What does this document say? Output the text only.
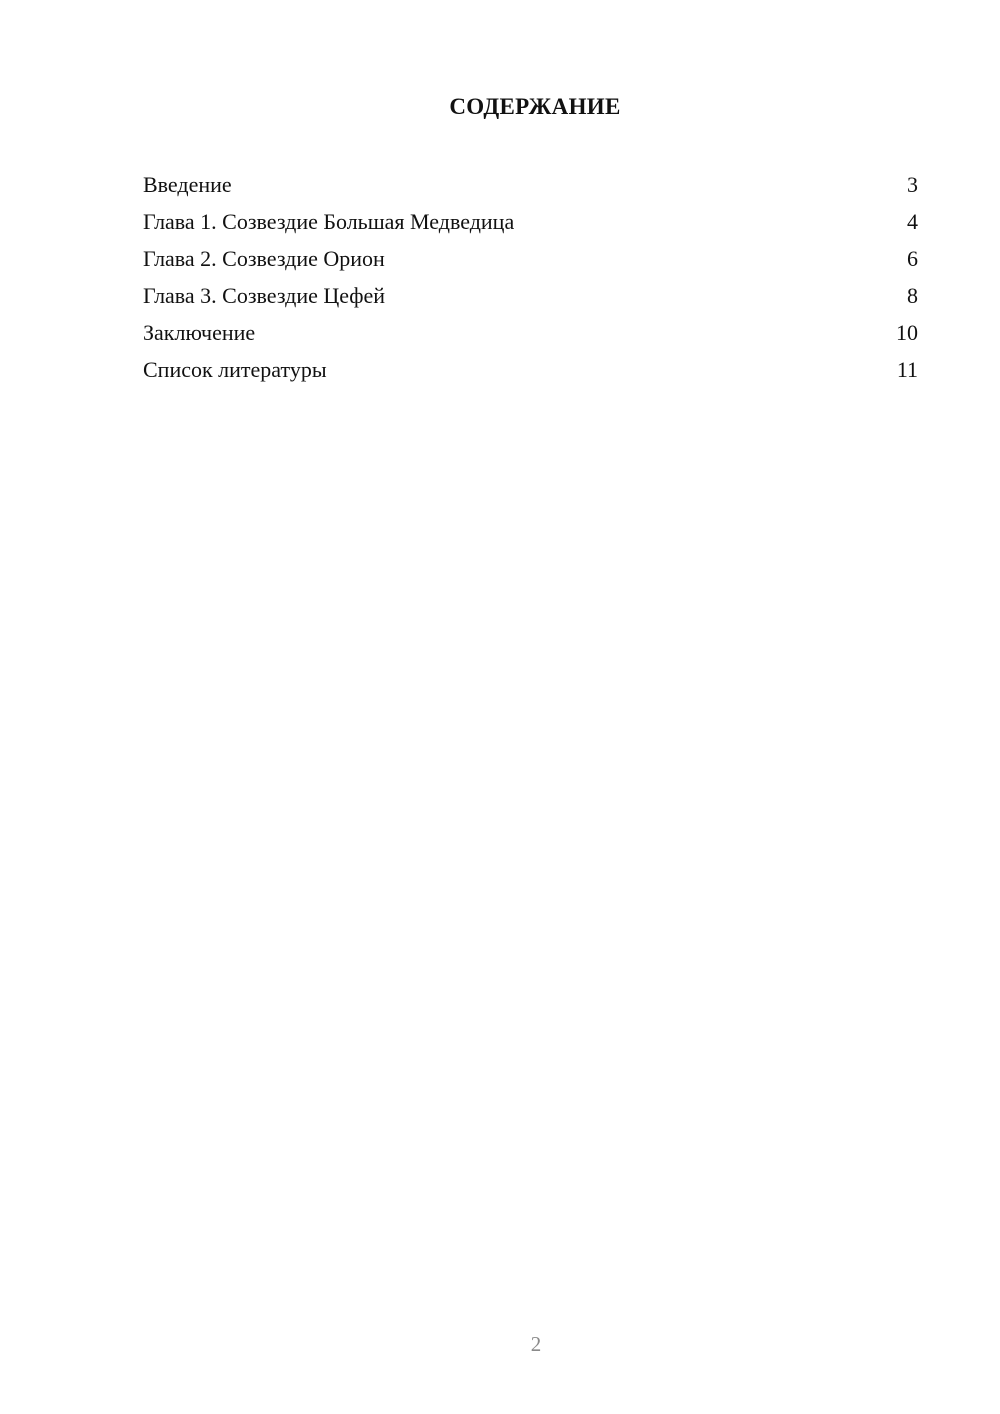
СОДЕРЖАНИЕ
Введение	3
Глава 1. Созвездие Большая Медведица	4
Глава 2. Созвездие Орион	6
Глава 3. Созвездие Цефей	8
Заключение	10
Список литературы	11
2
